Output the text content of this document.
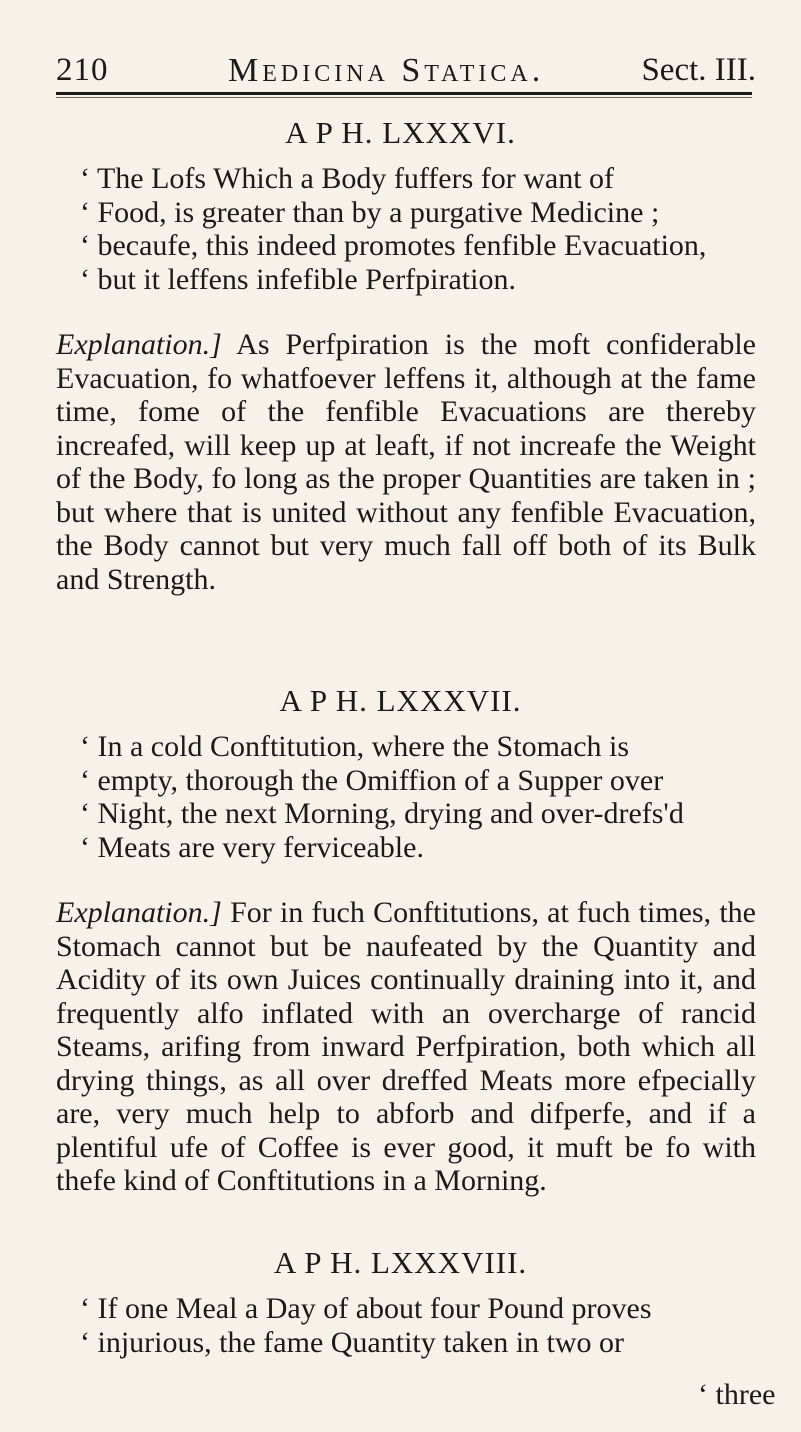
210	Medicina Statica.	Sect. III.
A P H. LXXXVI.
‘ The Lofs Which a Body fuffers for want of
‘ Food, is greater than by a purgative Medicine ;
‘ becaufe, this indeed promotes fenfible Evacuation,
‘ but it leffens infefible Perfpiration.
Explanation.] As Perfpiration is the moft confiderable Evacuation, fo whatfoever leffens it, although at the fame time, fome of the fenfible Evacuations are thereby increafed, will keep up at leaft, if not increafe the Weight of the Body, fo long as the proper Quantities are taken in ; but where that is united without any fenfible Evacuation, the Body cannot but very much fall off both of its Bulk and Strength.
A P H. LXXXVII.
‘ In a cold Conftitution, where the Stomach is
‘ empty, thorough the Omiffion of a Supper over
‘ Night, the next Morning, drying and over-drefs'd
‘ Meats are very ferviceable.
Explanation.] For in fuch Conftitutions, at fuch times, the Stomach cannot but be naufeated by the Quantity and Acidity of its own Juices continually draining into it, and frequently alfo inflated with an overcharge of rancid Steams, arifing from inward Perfpiration, both which all drying things, as all over dreffed Meats more efpecially are, very much help to abforb and difperfe, and if a plentiful ufe of Coffee is ever good, it muft be fo with thefe kind of Conftitutions in a Morning.
A P H. LXXXVIII.
‘ If one Meal a Day of about four Pound proves
‘ injurious, the fame Quantity taken in two or
‘ three
